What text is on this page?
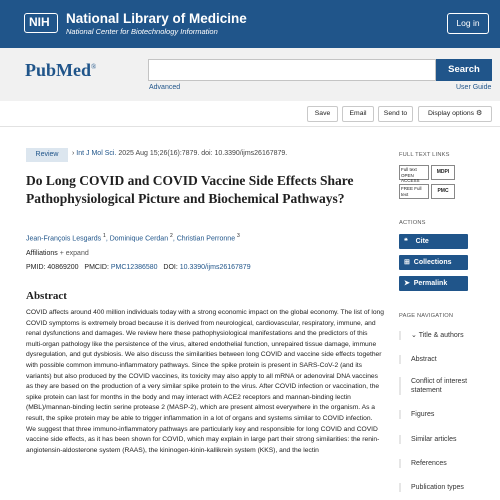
NIH	National Library of Medicine
National Center for Biotechnology Information
Log in
PubMed®	Search
Advanced	User Guide
Save	Email	Send to	Display options ⚙
Review	› Int J Mol Sci. 2025 Aug 15;26(16):7879. doi: 10.3390/ijms26167879.
Do Long COVID and COVID Vaccine Side Effects Share Pathophysiological Picture and Biochemical Pathways?
Jean-François Lesgards $^1$, Dominique Cerdan $^2$, Christian Perronne $^3$
Affiliations + expand
PMID: 40869200 PMCID: PMC12386580 DOI: 10.3390/ijms26167879
Abstract
COVID affects around 400 million individuals today with a strong economic impact on the global economy. The list of long COVID symptoms is extremely broad because it is derived from neurological, cardiovascular, respiratory, immune, and renal dysfunctions and damages. We review here these pathophysiological manifestations and the predictors of this multi-organ pathology like the persistence of the virus, altered endothelial function, unrepaired tissue damage, immune dysregulation, and gut dysbiosis. We also discuss the similarities between long COVID and vaccine side effects together with possible common immuno-inflammatory pathways. Since the spike protein is present in SARS-CoV-2 (and its variants) but also produced by the COVID vaccines, its toxicity may also apply to all mRNA or adenoviral DNA vaccines as they are based on the production of a very similar spike protein to the virus. After COVID infection or vaccination, the spike protein can last for months in the body and may interact with ACE2 receptors and mannan-binding lectin (MBL)/mannan-binding lectin serine protease 2 (MASP-2), which are present almost everywhere in the organism. As a result, the spike protein may be able to trigger inflammation in a lot of organs and systems similar to COVID infection. We suggest that three immuno-inflammatory pathways are particularly key and responsible for long COVID and COVID vaccine side effects, as it has been shown for COVID, which may explain in large part their strong similarities: the renin-angiotensin-aldosterone system (RAAS), the kininogen-kinin-kallikrein system (KKS), and the lectin
FULL TEXT LINKS
Full text OPEN ACCESS
MDPI
FREE Full text	PMC
ACTIONS
❝ Cite
⊞ Collections
➤ Permalink
PAGE NAVIGATION
⌄ Title & authors
Abstract
Conflict of interest statement
Figures
Similar articles
References
Publication types
